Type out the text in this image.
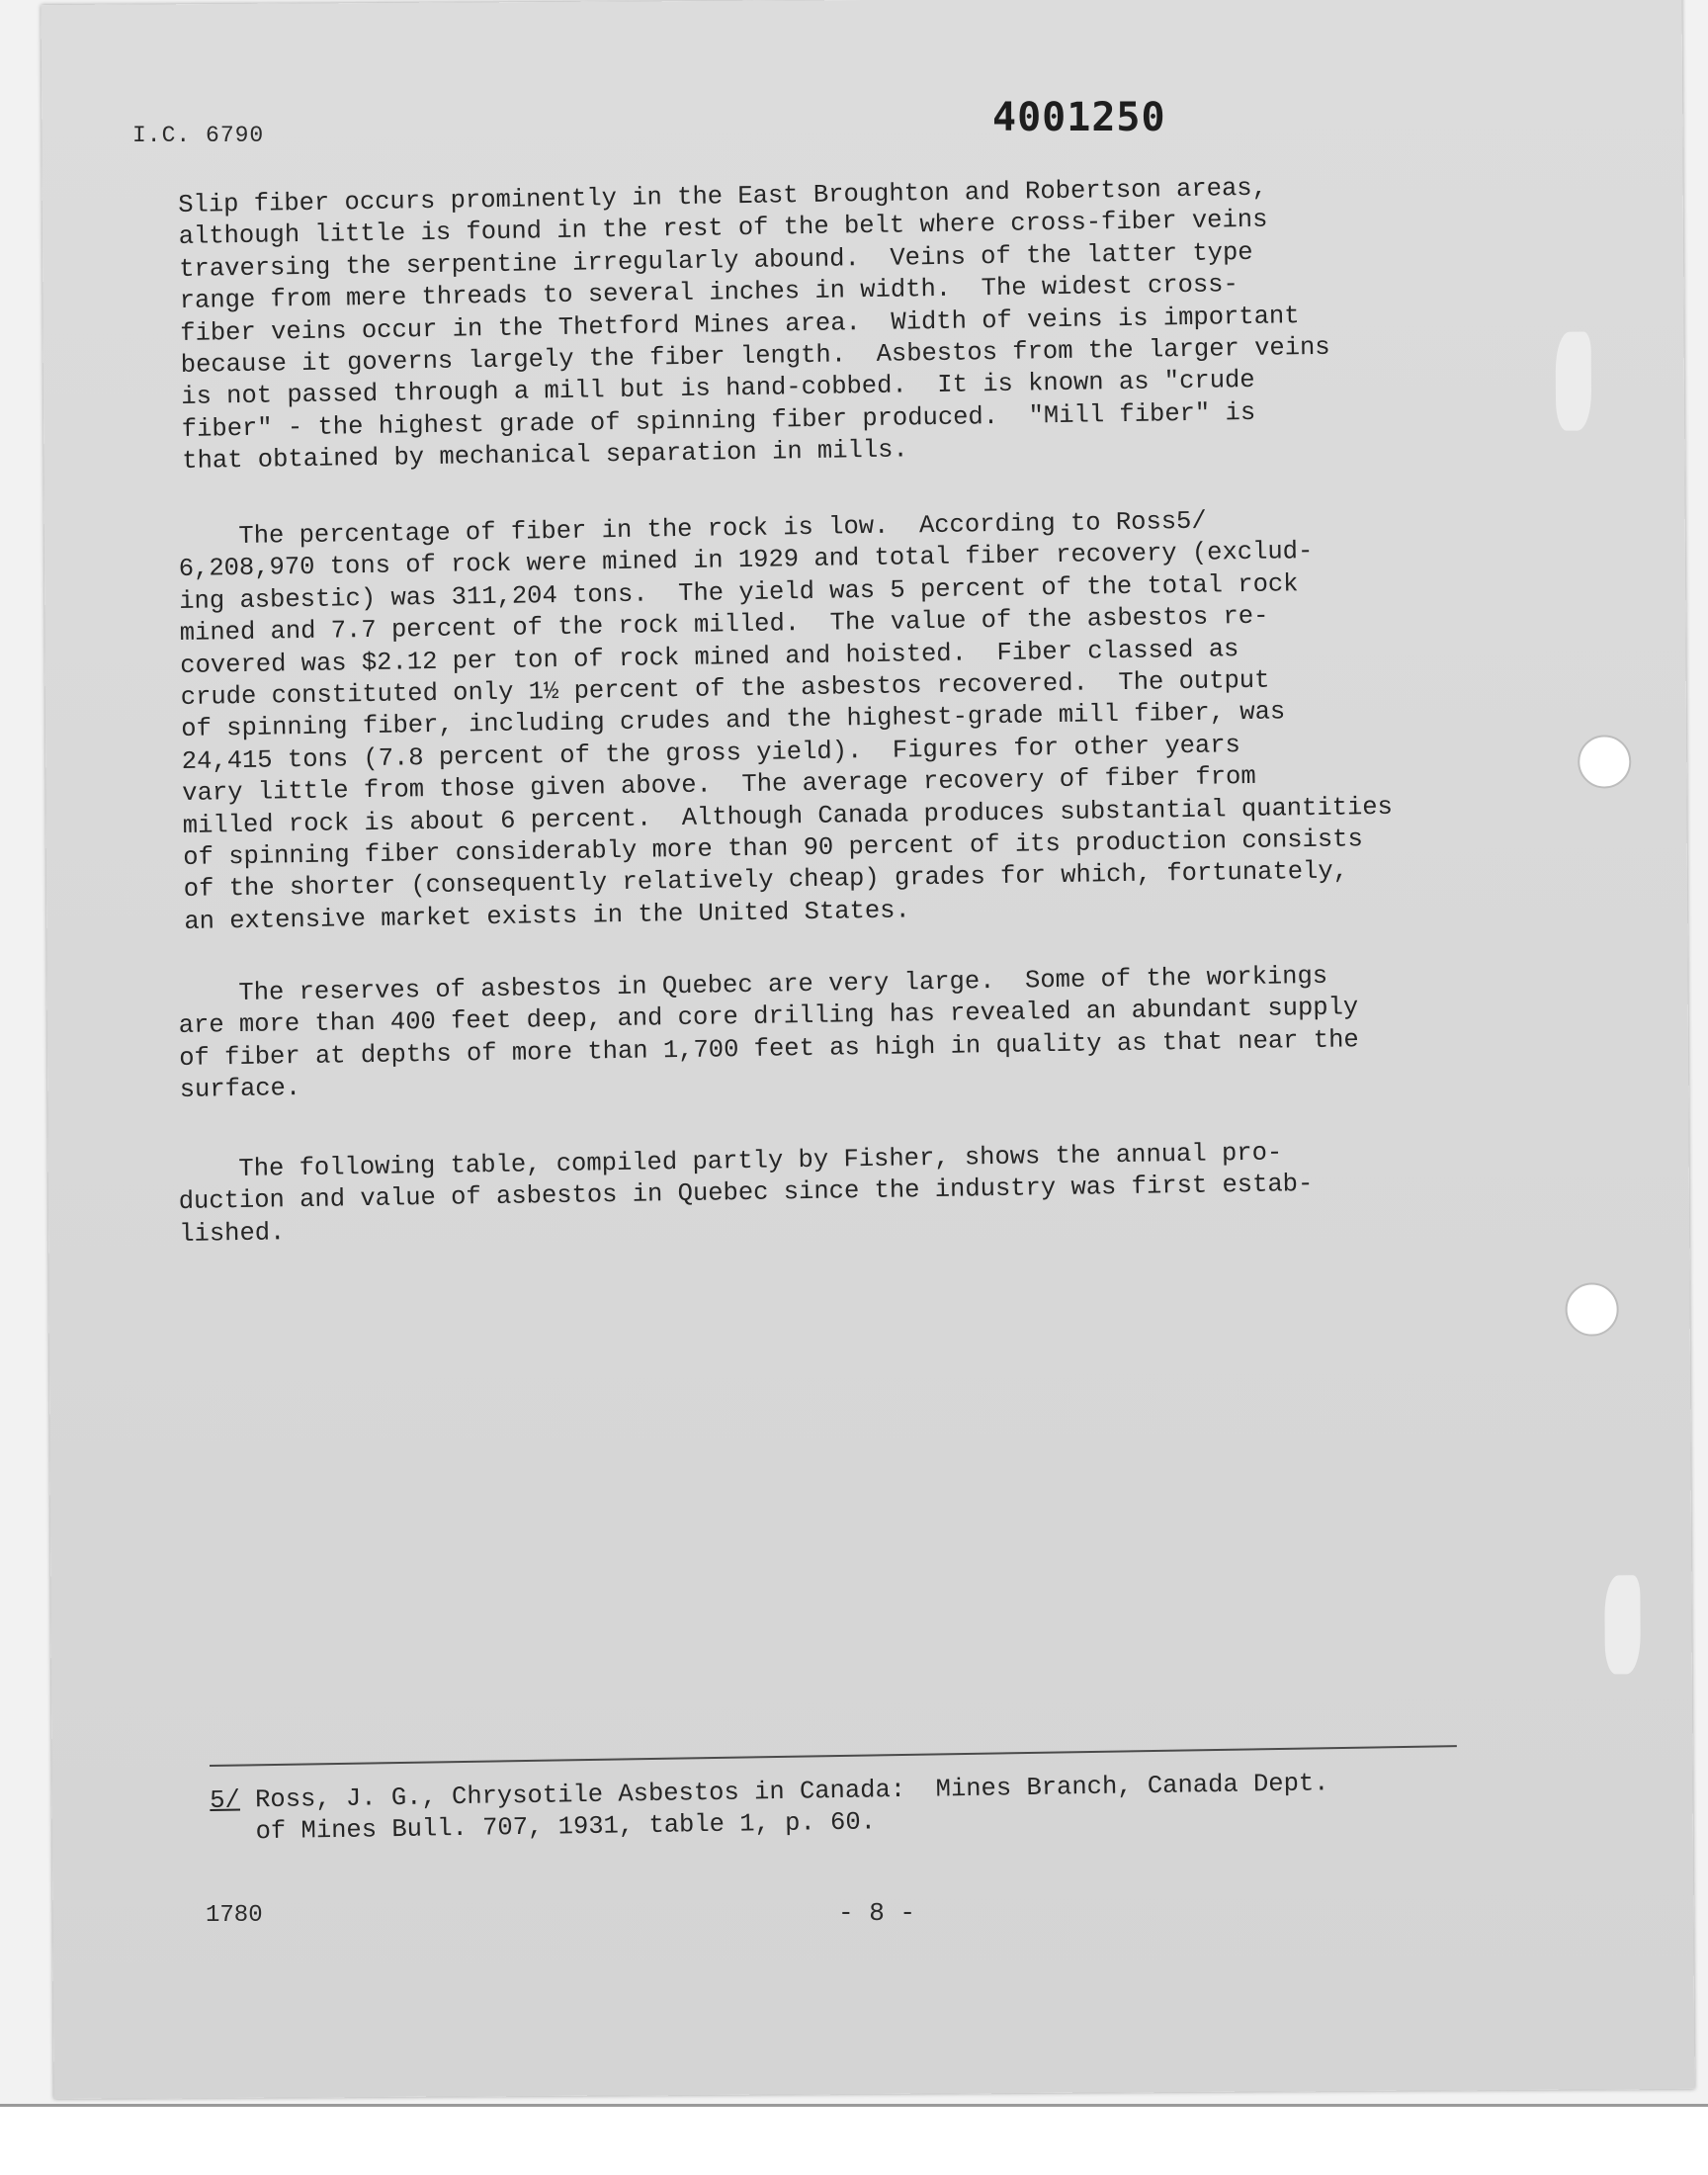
I.C. 6790	4001250
Slip fiber occurs prominently in the East Broughton and Robertson areas,
although little is found in the rest of the belt where cross-fiber veins
traversing the serpentine irregularly abound.  Veins of the latter type
range from mere threads to several inches in width.  The widest cross-
fiber veins occur in the Thetford Mines area.  Width of veins is important
because it governs largely the fiber length.  Asbestos from the larger veins
is not passed through a mill but is hand-cobbed.  It is known as "crude
fiber" - the highest grade of spinning fiber produced.  "Mill fiber" is
that obtained by mechanical separation in mills.
The percentage of fiber in the rock is low.  According to Ross5/
6,208,970 tons of rock were mined in 1929 and total fiber recovery (exclud-
ing asbestic) was 311,204 tons.  The yield was 5 percent of the total rock
mined and 7.7 percent of the rock milled.  The value of the asbestos re-
covered was $2.12 per ton of rock mined and hoisted.  Fiber classed as
crude constituted only 1½ percent of the asbestos recovered.  The output
of spinning fiber, including crudes and the highest-grade mill fiber, was
24,415 tons (7.8 percent of the gross yield).  Figures for other years
vary little from those given above.  The average recovery of fiber from
milled rock is about 6 percent.  Although Canada produces substantial quantities
of spinning fiber considerably more than 90 percent of its production consists
of the shorter (consequently relatively cheap) grades for which, fortunately,
an extensive market exists in the United States.
The reserves of asbestos in Quebec are very large.  Some of the workings
are more than 400 feet deep, and core drilling has revealed an abundant supply
of fiber at depths of more than 1,700 feet as high in quality as that near the
surface.
The following table, compiled partly by Fisher, shows the annual pro-
duction and value of asbestos in Quebec since the industry was first estab-
lished.
5/ Ross, J. G., Chrysotile Asbestos in Canada:  Mines Branch, Canada Dept.
of Mines Bull. 707, 1931, table 1, p. 60.
1780	- 8 -
